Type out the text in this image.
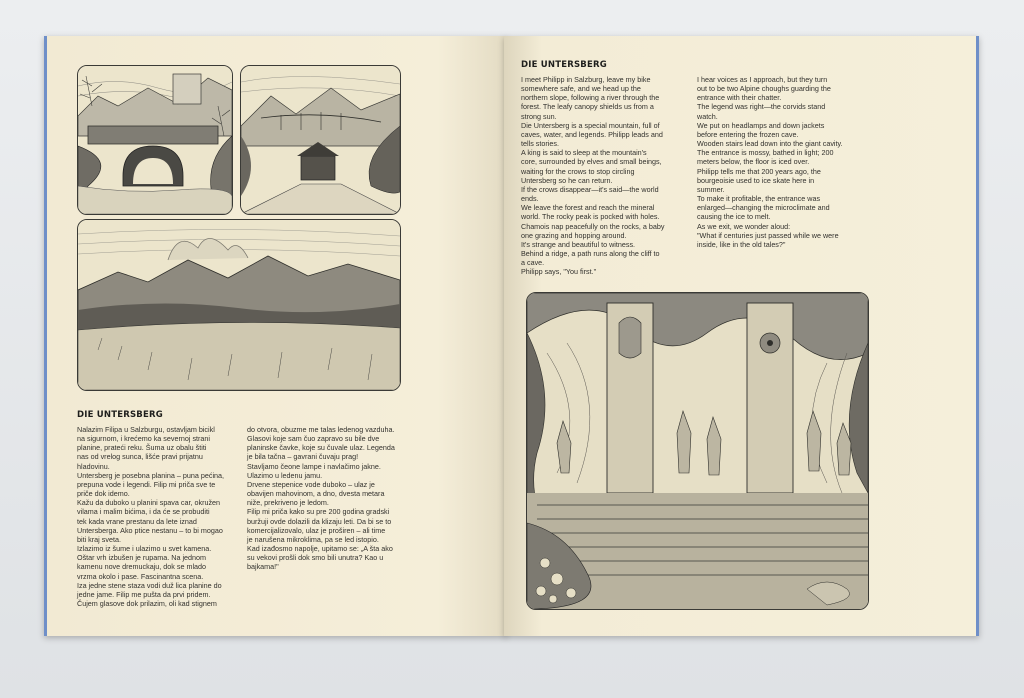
DIE UNTERSBERG

Nalazim Filipa u Salzburgu, ostavljam bicikl

na sigurnom, i krećemo ka severnoj strani

planine, prateći reku. Šuma uz obalu štiti

nas od vrelog sunca, lišće pravi prijatnu

hladovinu.

Untersberg je posebna planina – puna pećina,

prepuna vode i legendi. Filip mi priča sve te

priče dok idemo.

Kažu da duboko u planini spava car, okružen

vilama i malim bićima, i da će se probuditi

tek kada vrane prestanu da lete iznad

Untersberga. Ako ptice nestanu – to bi mogao

biti kraj sveta.

Izlazimo iz šume i ulazimo u svet kamena.

Oštar vrh izbušen je rupama. Na jednom

kamenu nove dremuckaju, dok se mlado

vrzma okolo i pase. Fascinantna scena.

Iza jedne stene staza vodi duž lica planine do

jedne jame. Filip me pušta da prvi pridem.

Čujem glasove dok prilazim, oli kad stignem

do otvora, obuzme me talas ledenog vazduha.

Glasovi koje sam čuo zapravo su bile dve

planinske čavke, koje su čuvale ulaz. Legenda

je bila tačna – gavrani čuvaju prag!

Stavljamo čeone lampe i navlačimo jakne.

Ulazimo u ledenu jamu.

Drvene stepenice vode duboko – ulaz je

obavijen mahovinom, a dno, dvesta metara

niže, prekriveno je ledom.

Filip mi priča kako su pre 200 godina gradski

buržuji ovde dolazili da klizaju leti. Da bi se to

komercijalizovalo, ulaz je proširen – ali time

je narušena mikroklima, pa se led istopio.

Kad izađosmo napolje, upitamo se: „A šta ako

su vekovi prošli dok smo bili unutra? Kao u

bajkama!"

DIE UNTERSBERG

I meet Philipp in Salzburg, leave my bike

somewhere safe, and we head up the

northern slope, following a river through the

forest. The leafy canopy shields us from a

strong sun.

Die Untersberg is a special mountain, full of

caves, water, and legends. Philipp leads and

tells stories.

A king is said to sleep at the mountain's

core, surrounded by elves and small beings,

waiting for the crows to stop circling

Untersberg so he can return.

If the crows disappear—it's said—the world

ends.

We leave the forest and reach the mineral

world. The rocky peak is pocked with holes.

Chamois nap peacefully on the rocks, a baby

one grazing and hopping around.

It's strange and beautiful to witness.

Behind a ridge, a path runs along the cliff to

a cave.

Philipp says, "You first."

I hear voices as I approach, but they turn

out to be two Alpine choughs guarding the

entrance with their chatter.

The legend was right—the corvids stand

watch.

We put on headlamps and down jackets

before entering the frozen cave.

Wooden stairs lead down into the giant cavity.

The entrance is mossy, bathed in light; 200

meters below, the floor is iced over.

Philipp tells me that 200 years ago, the

bourgeoisie used to ice skate here in

summer.

To make it profitable, the entrance was

enlarged—changing the microclimate and

causing the ice to melt.

As we exit, we wonder aloud:

"What if centuries just passed while we were

inside, like in the old tales?"
